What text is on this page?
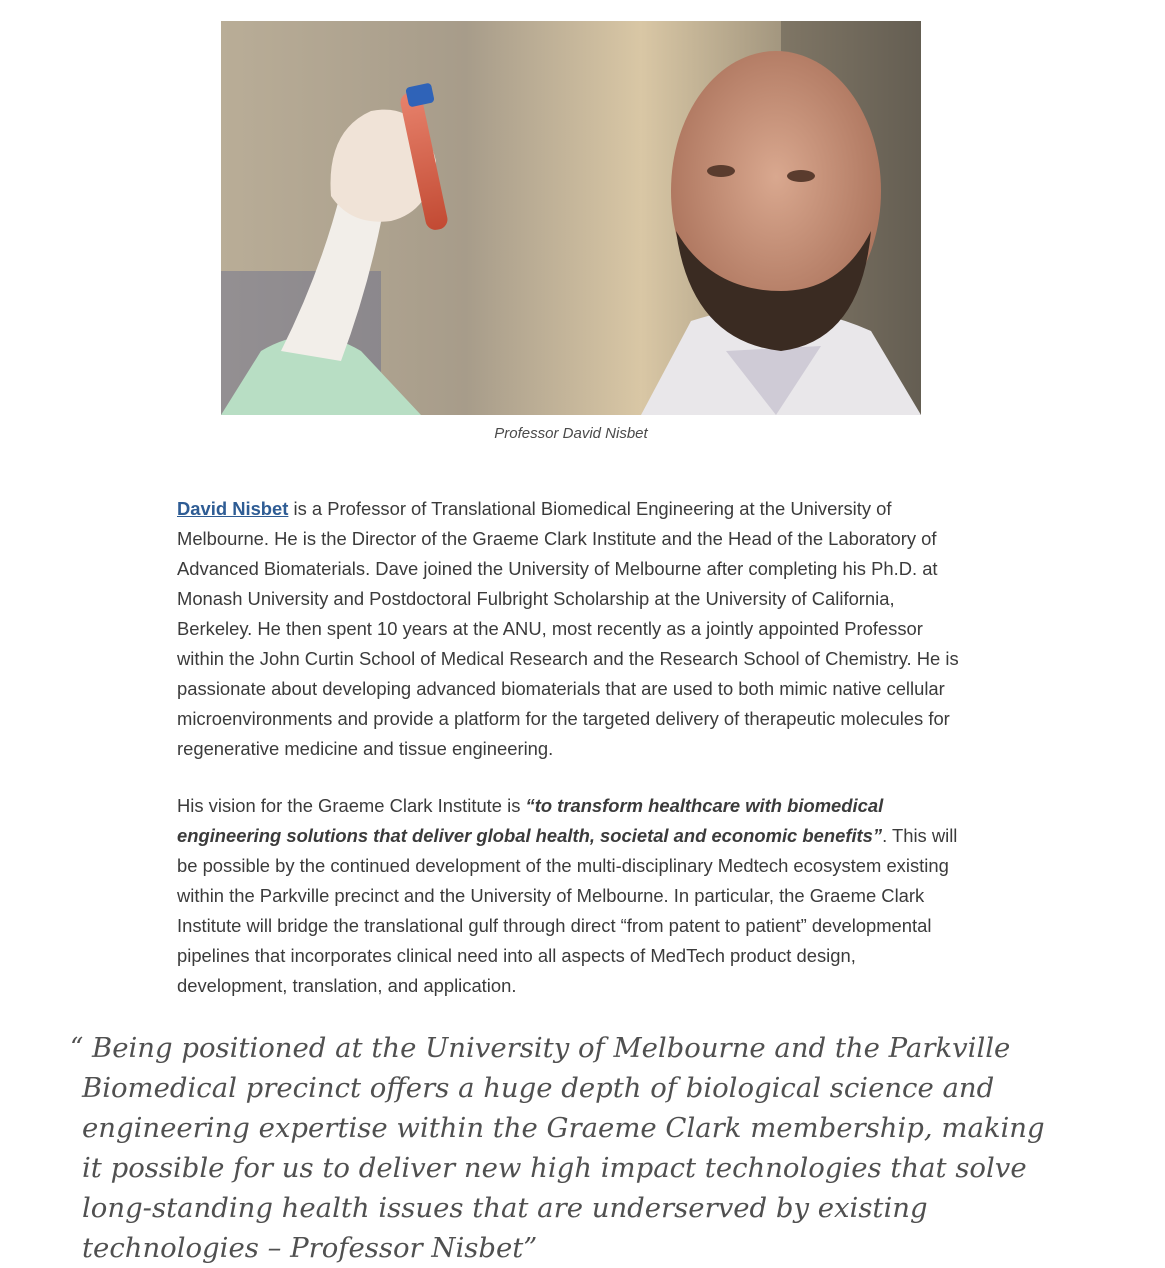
Professor David Nisbet

David Nisbet is a Professor of Translational Biomedical Engineering at the University of Melbourne. He is the Director of the Graeme Clark Institute and the Head of the Laboratory of Advanced Biomaterials. Dave joined the University of Melbourne after completing his Ph.D. at Monash University and Postdoctoral Fulbright Scholarship at the University of California, Berkeley. He then spent 10 years at the ANU, most recently as a jointly appointed Professor within the John Curtin School of Medical Research and the Research School of Chemistry. He is passionate about developing advanced biomaterials that are used to both mimic native cellular microenvironments and provide a platform for the targeted delivery of therapeutic molecules for regenerative medicine and tissue engineering.

His vision for the Graeme Clark Institute is “to transform healthcare with biomedical engineering solutions that deliver global health, societal and economic benefits”. This will be possible by the continued development of the multi-disciplinary Medtech ecosystem existing within the Parkville precinct and the University of Melbourne. In particular, the Graeme Clark Institute will bridge the translational gulf through direct “from patent to patient” developmental pipelines that incorporates clinical need into all aspects of MedTech product design, development, translation, and application.

“ Being positioned at the University of Melbourne and the Parkville Biomedical precinct offers a huge depth of biological science and engineering expertise within the Graeme Clark membership, making it possible for us to deliver new high impact technologies that solve long-standing health issues that are underserved by existing technologies – Professor Nisbet”
